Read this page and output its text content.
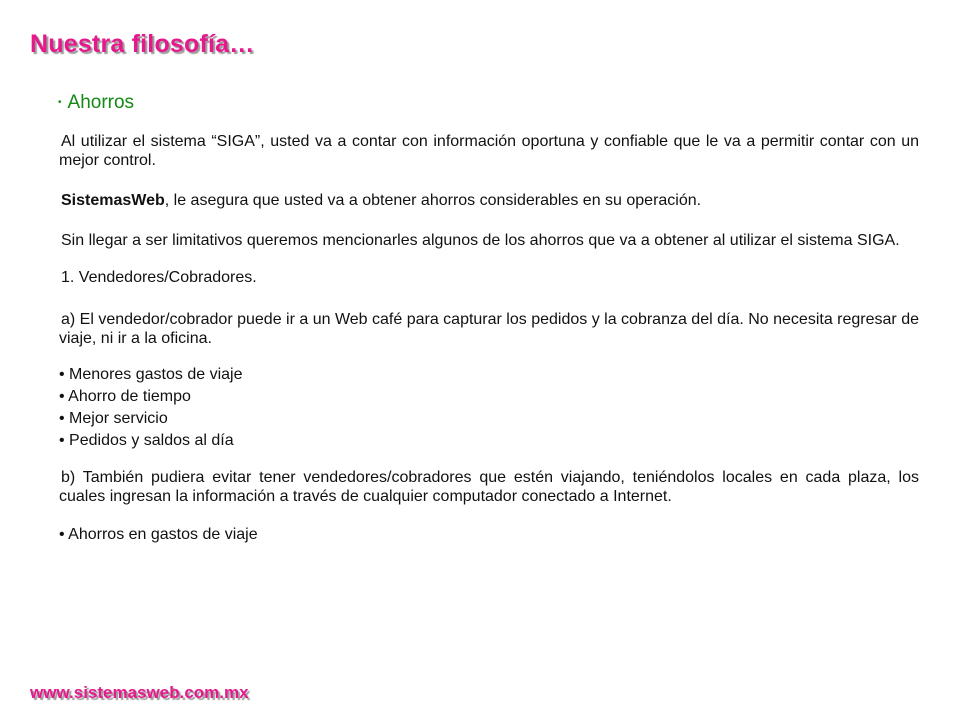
Nuestra filosofía…
• Ahorros

Al utilizar el sistema “SIGA”, usted va a contar con información oportuna y confiable que le va a permitir contar con un mejor control.

SistemasWeb, le asegura que usted va a obtener ahorros considerables en su operación.

Sin llegar a ser limitativos queremos mencionarles algunos de los ahorros que va a obtener al utilizar el sistema SIGA.

1. Vendedores/Cobradores.

a) El vendedor/cobrador puede ir a un Web café para capturar los pedidos y la cobranza del día. No necesita regresar de viaje, ni ir a la oficina.

• Menores gastos de viaje
• Ahorro de tiempo
• Mejor servicio
• Pedidos y saldos al día

b) También pudiera evitar tener vendedores/cobradores que estén viajando, teniéndolos locales en cada plaza, los cuales ingresan la información a través de cualquier computador conectado a Internet.

• Ahorros en gastos de viaje
www.sistemasweb.com.mx
